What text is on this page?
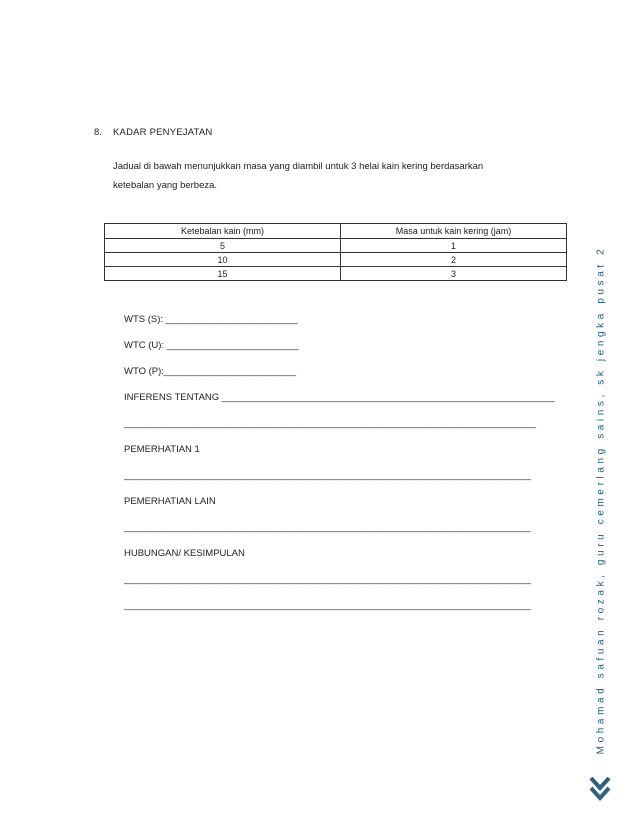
8. KADAR PENYEJATAN
Jadual di bawah menunjukkan masa yang diambil untuk 3 helai kain kering berdasarkan
ketebalan yang berbeza.
Ketebalan kain (mm)	Masa untuk kain kering (jam)
5	1
10	2
15	3
WTS (S): _________________________
WTC (U): _________________________
WTO (P):_________________________
INFERENS TENTANG _______________________________________________________________
______________________________________________________________________________
PEMERHATIAN 1
_____________________________________________________________________________
PEMERHATIAN LAIN
_____________________________________________________________________________
HUBUNGAN/ KESIMPULAN
_____________________________________________________________________________
_____________________________________________________________________________	Mohamad safuan rozak, guru cemerlang sains, sk jengka pusat 2
